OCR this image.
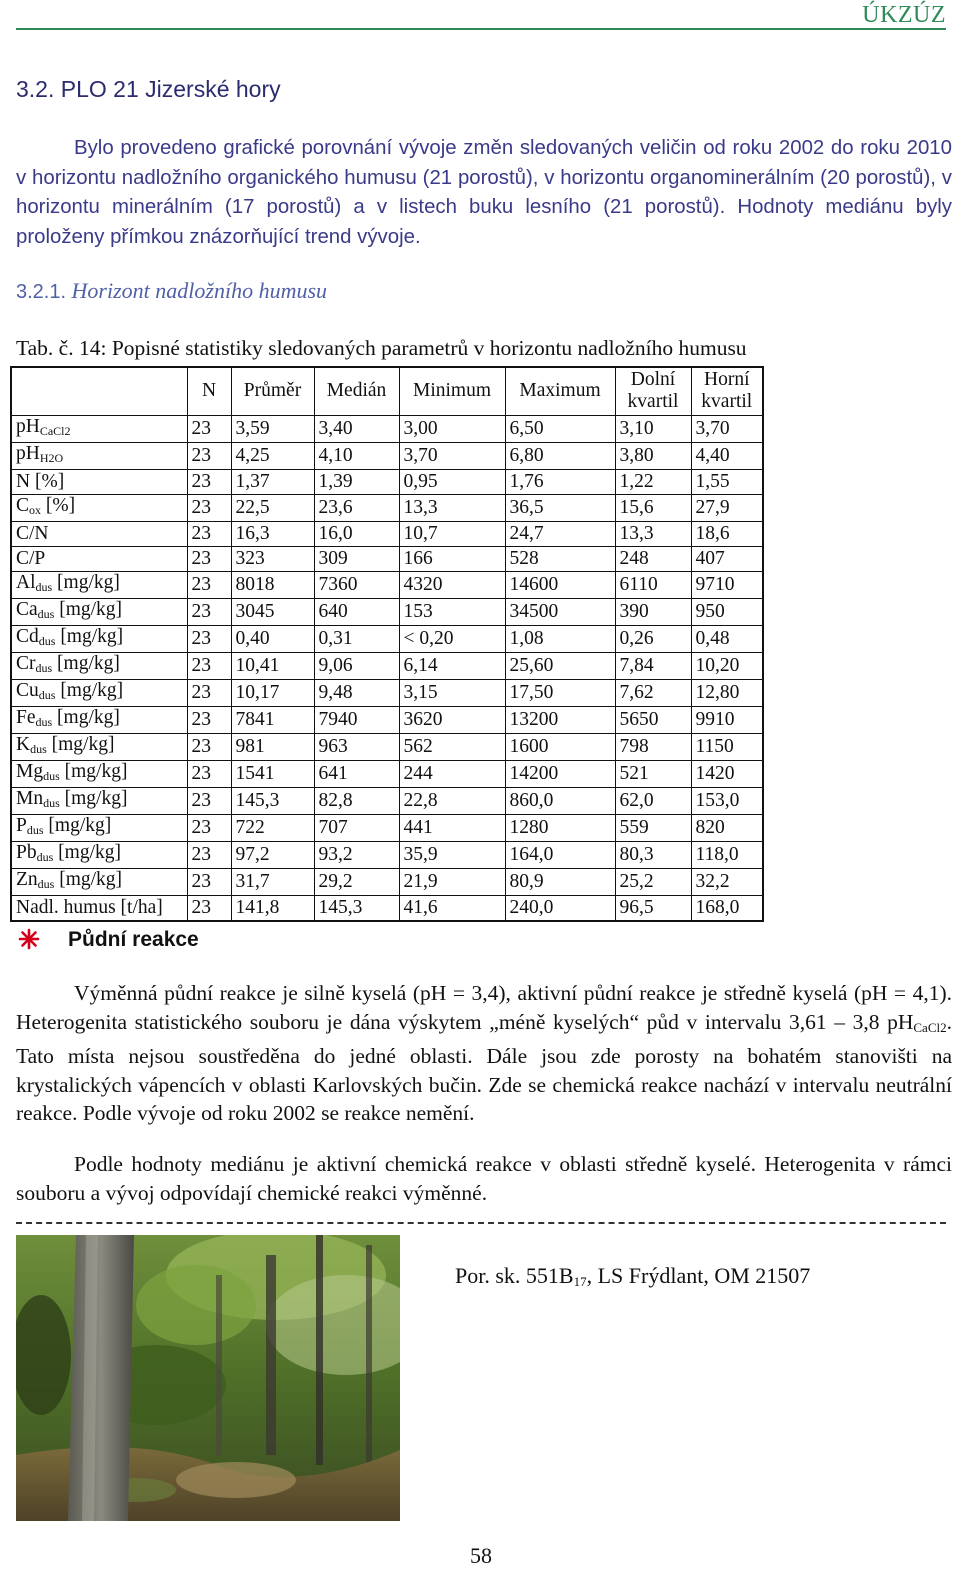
ÚKZÚZ
3.2. PLO 21 Jizerské hory

Bylo provedeno grafické porovnání vývoje změn sledovaných veličin od roku 2002 do roku 2010 v horizontu nadložního organického humusu (21 porostů), v horizontu organominerálním (20 porostů), v horizontu minerálním (17 porostů) a v listech buku lesního (21 porostů). Hodnoty mediánu byly proloženy přímkou znázorňující trend vývoje.

3.2.1. Horizont nadložního humusu
Tab. č. 14: Popisné statistiky sledovaných parametrů v horizontu nadložního humusu
	N	Průměr	Medián	Minimum	Maximum	Dolní kvartil	Horní kvartil
$pH_{CaCl2}$	23	3,59	3,40	3,00	6,50	3,10	3,70
$pH_{H2O}$	23	4,25	4,10	3,70	6,80	3,80	4,40
N [%]	23	1,37	1,39	0,95	1,76	1,22	1,55
$C_{ox}$ [%]	23	22,5	23,6	13,3	36,5	15,6	27,9
C/N	23	16,3	16,0	10,7	24,7	13,3	18,6
C/P	23	323	309	166	528	248	407
$Al_{dus}$ [mg/kg]	23	8018	7360	4320	14600	6110	9710
$Ca_{dus}$ [mg/kg]	23	3045	640	153	34500	390	950
$Cd_{dus}$ [mg/kg]	23	0,40	0,31	< 0,20	1,08	0,26	0,48
$Cr_{dus}$ [mg/kg]	23	10,41	9,06	6,14	25,60	7,84	10,20
$Cu_{dus}$ [mg/kg]	23	10,17	9,48	3,15	17,50	7,62	12,80
$Fe_{dus}$ [mg/kg]	23	7841	7940	3620	13200	5650	9910
$K_{dus}$ [mg/kg]	23	981	963	562	1600	798	1150
$Mg_{dus}$ [mg/kg]	23	1541	641	244	14200	521	1420
$Mn_{dus}$ [mg/kg]	23	145,3	82,8	22,8	860,0	62,0	153,0
$P_{dus}$ [mg/kg]	23	722	707	441	1280	559	820
$Pb_{dus}$ [mg/kg]	23	97,2	93,2	35,9	164,0	80,3	118,0
$Zn_{dus}$ [mg/kg]	23	31,7	29,2	21,9	80,9	25,2	32,2
Nadl. humus [t/ha]	23	141,8	145,3	41,6	240,0	96,5	168,0
Půdní reakce

Výměnná půdní reakce je silně kyselá (pH = 3,4), aktivní půdní reakce je středně kyselá (pH = 4,1). Heterogenita statistického souboru je dána výskytem „méně kyselých“ půd v intervalu 3,61 – 3,8 $pH_{CaCl2}$. Tato místa nejsou soustředěna do jedné oblasti. Dále jsou zde porosty na bohatém stanovišti na krystalických vápencích v oblasti Karlovských bučin. Zde se chemická reakce nachází v intervalu neutrální reakce. Podle vývoje od roku 2002 se reakce nemění.

Podle hodnoty mediánu je aktivní chemická reakce v oblasti středně kyselé. Heterogenita v rámci souboru a vývoj odpovídají chemické reakci výměnné.

Por. sk. $551B_{17}$, LS Frýdlant, OM 21507
58
